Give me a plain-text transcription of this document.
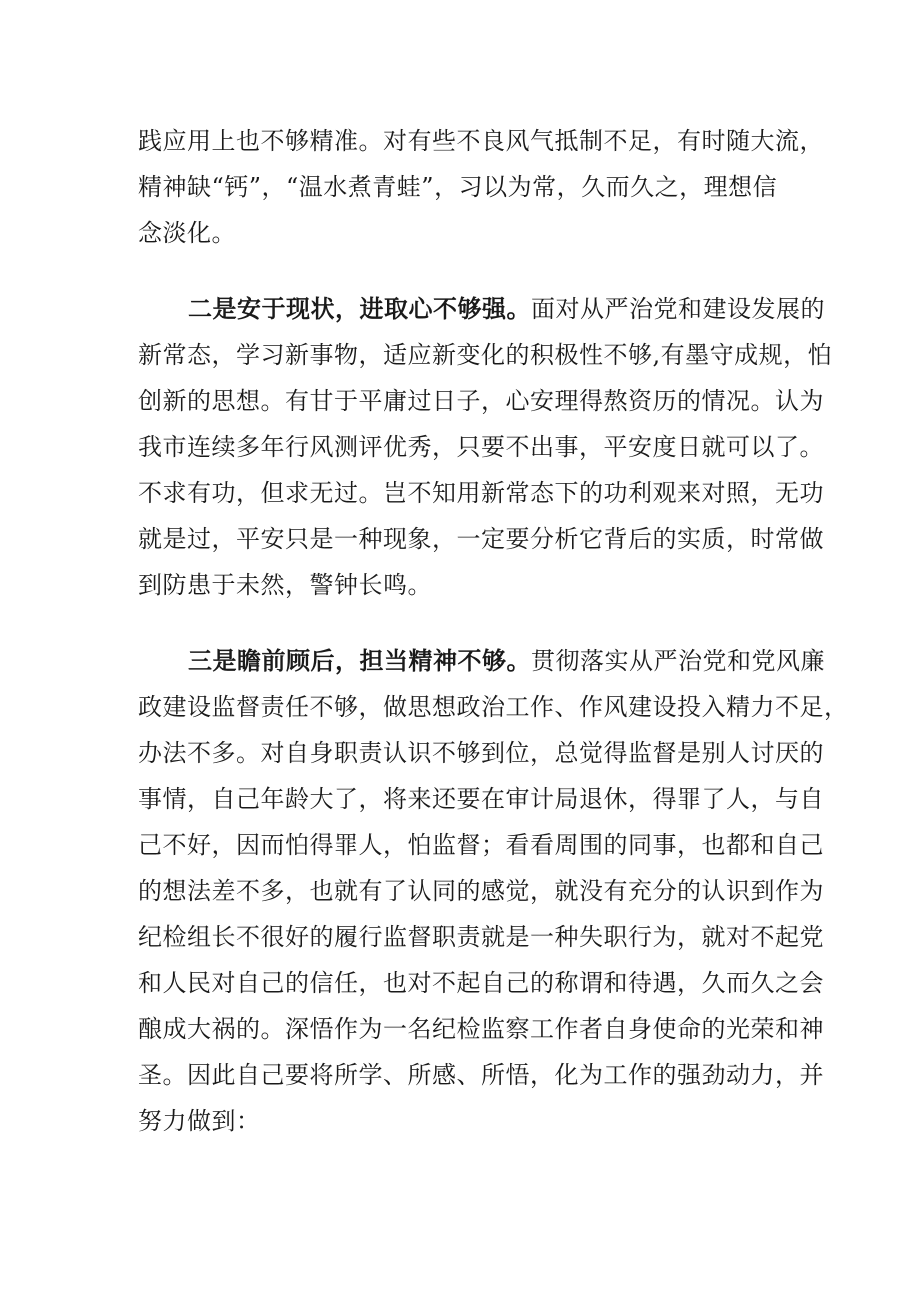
践应用上也不够精准。对有些不良风气抵制不足，有时随大流，
精神缺“钙”，“温水煮青蛙”，习以为常，久而久之，理想信
念淡化。
二是安于现状，进取心不够强。面对从严治党和建设发展的
新常态，学习新事物，适应新变化的积极性不够,有墨守成规，怕
创新的思想。有甘于平庸过日子，心安理得熬资历的情况。认为
我市连续多年行风测评优秀，只要不出事，平安度日就可以了。
不求有功，但求无过。岂不知用新常态下的功利观来对照，无功
就是过，平安只是一种现象，一定要分析它背后的实质，时常做
到防患于未然，警钟长鸣。
三是瞻前顾后，担当精神不够。贯彻落实从严治党和党风廉
政建设监督责任不够，做思想政治工作、作风建设投入精力不足，
办法不多。对自身职责认识不够到位，总觉得监督是别人讨厌的
事情，自己年龄大了，将来还要在审计局退休，得罪了人，与自
己不好，因而怕得罪人，怕监督；看看周围的同事，也都和自己
的想法差不多，也就有了认同的感觉，就没有充分的认识到作为
纪检组长不很好的履行监督职责就是一种失职行为，就对不起党
和人民对自己的信任，也对不起自己的称谓和待遇，久而久之会
酿成大祸的。深悟作为一名纪检监察工作者自身使命的光荣和神
圣。因此自己要将所学、所感、所悟，化为工作的强劲动力，并
努力做到：
